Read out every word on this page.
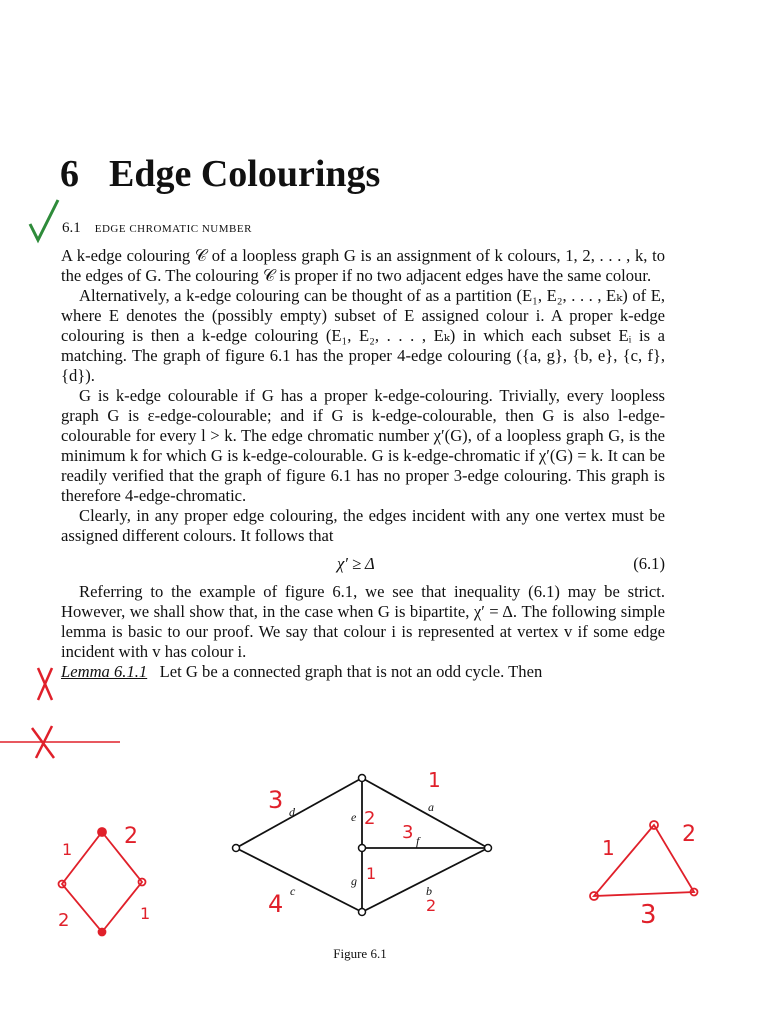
6 Edge Colourings
6.1 EDGE CHROMATIC NUMBER

A k-edge colouring 𝒞 of a loopless graph G is an assignment of k colours, 1, 2, . . . , k, to the edges of G. The colouring 𝒞 is proper if no two adjacent edges have the same colour.

Alternatively, a k-edge colouring can be thought of as a partition (E₁, E₂, . . . , Eₖ) of E, where E denotes the (possibly empty) subset of E assigned colour i. A proper k-edge colouring is then a k-edge colouring (E₁, E₂, . . . , Eₖ) in which each subset Eᵢ is a matching. The graph of figure 6.1 has the proper 4-edge colouring ({a, g}, {b, e}, {c, f}, {d}).

G is k-edge colourable if G has a proper k-edge-colouring. Trivially, every loopless graph G is ε-edge-colourable; and if G is k-edge-colourable, then G is also l-edge-colourable for every l > k. The edge chromatic number χ′(G), of a loopless graph G, is the minimum k for which G is k-edge-colourable. G is k-edge-chromatic if χ′(G) = k. It can be readily verified that the graph of figure 6.1 has no proper 3-edge colouring. This graph is therefore 4-edge-chromatic.

Clearly, in any proper edge colouring, the edges incident with any one vertex must be assigned different colours. It follows that

χ′ ≥ Δ	(6.1)

Referring to the example of figure 6.1, we see that inequality (6.1) may be strict. However, we shall show that, in the case when G is bipartite, χ′ = Δ. The following simple lemma is basic to our proof. We say that colour i is represented at vertex v if some edge incident with v has colour i.

Lemma 6.1.1 Let G be a connected graph that is not an odd cycle. Then

a
b
c
d	e
f
g
1
2
3
4	2
1
3
1
2
2	1
1
2
3
Figure 6.1
